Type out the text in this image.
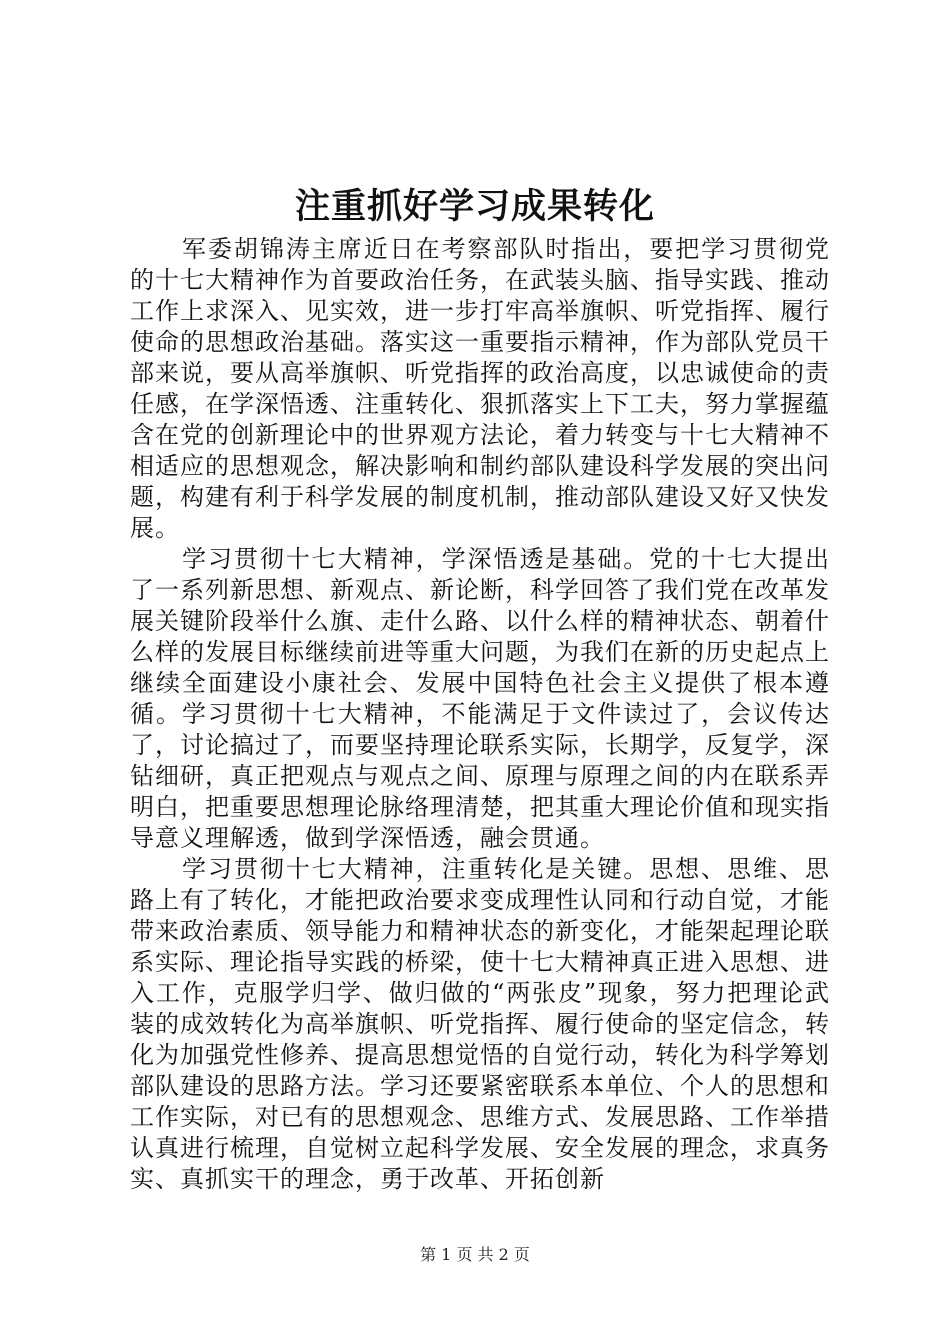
注重抓好学习成果转化

军委胡锦涛主席近日在考察部队时指出，要把学习贯彻党的十七大精神作为首要政治任务，在武装头脑、指导实践、推动工作上求深入、见实效，进一步打牢高举旗帜、听党指挥、履行使命的思想政治基础。落实这一重要指示精神，作为部队党员干部来说，要从高举旗帜、听党指挥的政治高度，以忠诚使命的责任感，在学深悟透、注重转化、狠抓落实上下工夫，努力掌握蕴含在党的创新理论中的世界观方法论，着力转变与十七大精神不相适应的思想观念，解决影响和制约部队建设科学发展的突出问题，构建有利于科学发展的制度机制，推动部队建设又好又快发展。

学习贯彻十七大精神，学深悟透是基础。党的十七大提出了一系列新思想、新观点、新论断，科学回答了我们党在改革发展关键阶段举什么旗、走什么路、以什么样的精神状态、朝着什么样的发展目标继续前进等重大问题，为我们在新的历史起点上继续全面建设小康社会、发展中国特色社会主义提供了根本遵循。学习贯彻十七大精神，不能满足于文件读过了，会议传达了，讨论搞过了，而要坚持理论联系实际，长期学，反复学，深钻细研，真正把观点与观点之间、原理与原理之间的内在联系弄明白，把重要思想理论脉络理清楚，把其重大理论价值和现实指导意义理解透，做到学深悟透，融会贯通。

学习贯彻十七大精神，注重转化是关键。思想、思维、思路上有了转化，才能把政治要求变成理性认同和行动自觉，才能带来政治素质、领导能力和精神状态的新变化，才能架起理论联系实际、理论指导实践的桥梁，使十七大精神真正进入思想、进入工作，克服学归学、做归做的“两张皮”现象，努力把理论武装的成效转化为高举旗帜、听党指挥、履行使命的坚定信念，转化为加强党性修养、提高思想觉悟的自觉行动，转化为科学筹划部队建设的思路方法。学习还要紧密联系本单位、个人的思想和工作实际，对已有的思想观念、思维方式、发展思路、工作举措认真进行梳理，自觉树立起科学发展、安全发展的理念，求真务实、真抓实干的理念，勇于改革、开拓创新

第 1 页 共 2 页
